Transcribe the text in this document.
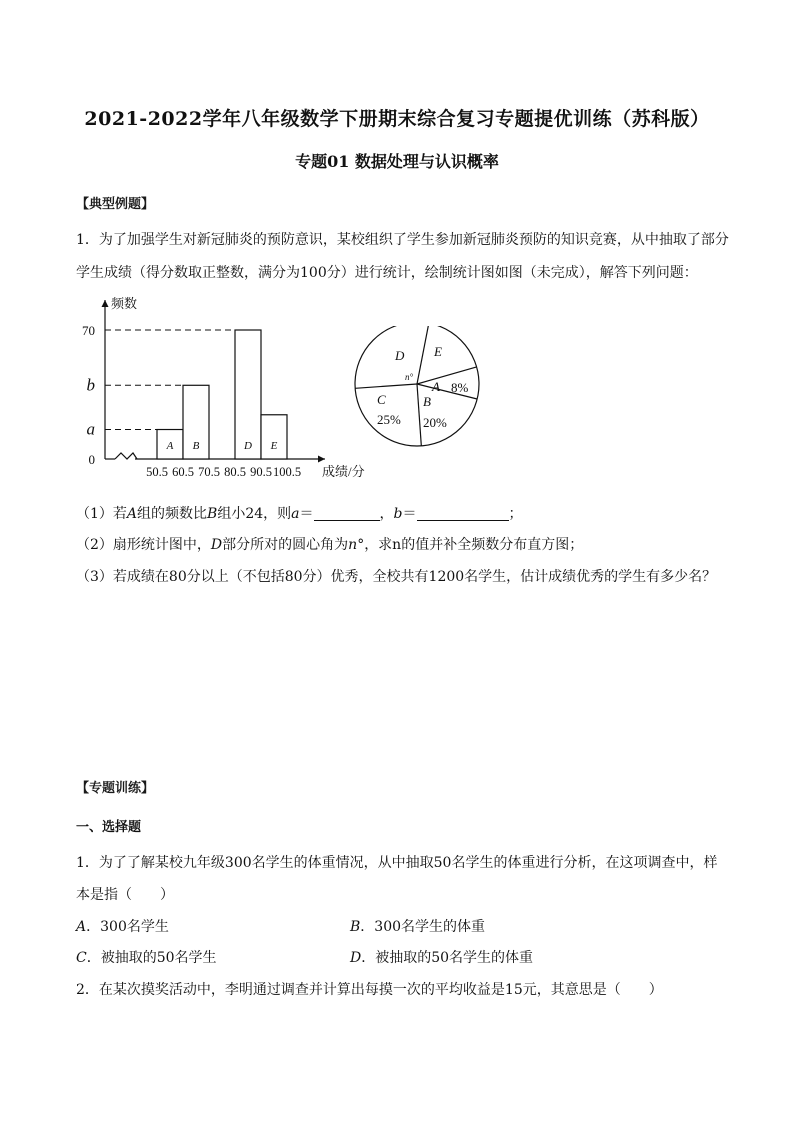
2021-2022学年八年级数学下册期末综合复习专题提优训练（苏科版）
专题01 数据处理与认识概率
【典型例题】
1．为了加强学生对新冠肺炎的预防意识，某校组织了学生参加新冠肺炎预防的知识竞赛，从中抽取了部分
学生成绩（得分数取正整数，满分为100分）进行统计，绘制统计图如图（未完成），解答下列问题：
A B	D E
a
b
70
0
50.5 60.5 70.5 80.5 90.5 100.5 成绩/分
频数
A 8%
B
20%
C
25%
D E
n°
（1）若A组的频数比B组小24，则a＝	，b＝	；
（2）扇形统计图中，D部分所对的圆心角为n°，求n的值并补全频数分布直方图；
（3）若成绩在80分以上（不包括80分）优秀，全校共有1200名学生，估计成绩优秀的学生有多少名？
【专题训练】
一、选择题
1．为了了解某校九年级300名学生的体重情况，从中抽取50名学生的体重进行分析，在这项调查中，样
本是指（　　）
A．300名学生	B．300名学生的体重
C．被抽取的50名学生	D．被抽取的50名学生的体重
2．在某次摸奖活动中，李明通过调查并计算出每摸一次的平均收益是15元，其意思是（　　）
